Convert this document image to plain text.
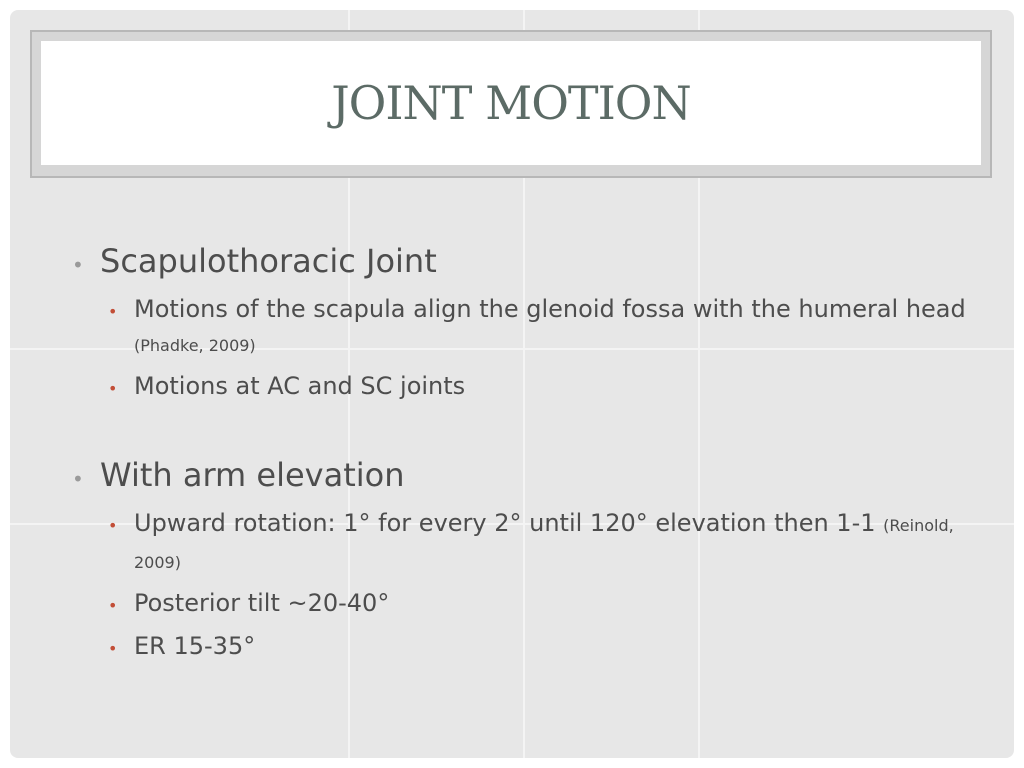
JOINT MOTION
• Scapulothoracic Joint
• Motions of the scapula align the glenoid fossa with the humeral head (Phadke, 2009)
• Motions at AC and SC joints
• With arm elevation
• Upward rotation: 1° for every 2° until 120° elevation then 1-1 (Reinold, 2009)
• Posterior tilt ~20-40°
• ER 15-35°
